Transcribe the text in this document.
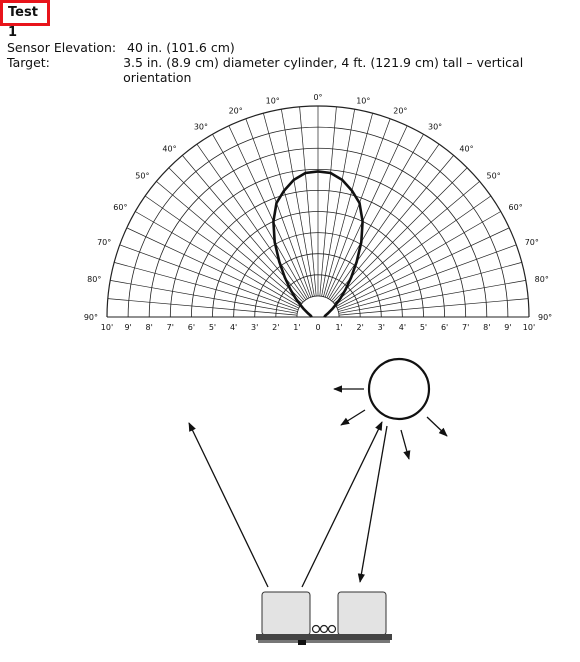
Test 1
Sensor Elevation: 40 in. (101.6 cm)
Target:	3.5 in. (8.9 cm) diameter cylinder, 4 ft. (121.9 cm) tall – vertical orientation
0°
10°
20°
30°
40°
50°
60°
70°
80°
90°
10°
20°
30°
40°
50°
60°
70°
80°
90°
10' 9' 8' 7' 6' 5' 4' 3' 2' 1' 0 1' 2' 3' 4' 5' 6' 7' 8' 9' 10'
